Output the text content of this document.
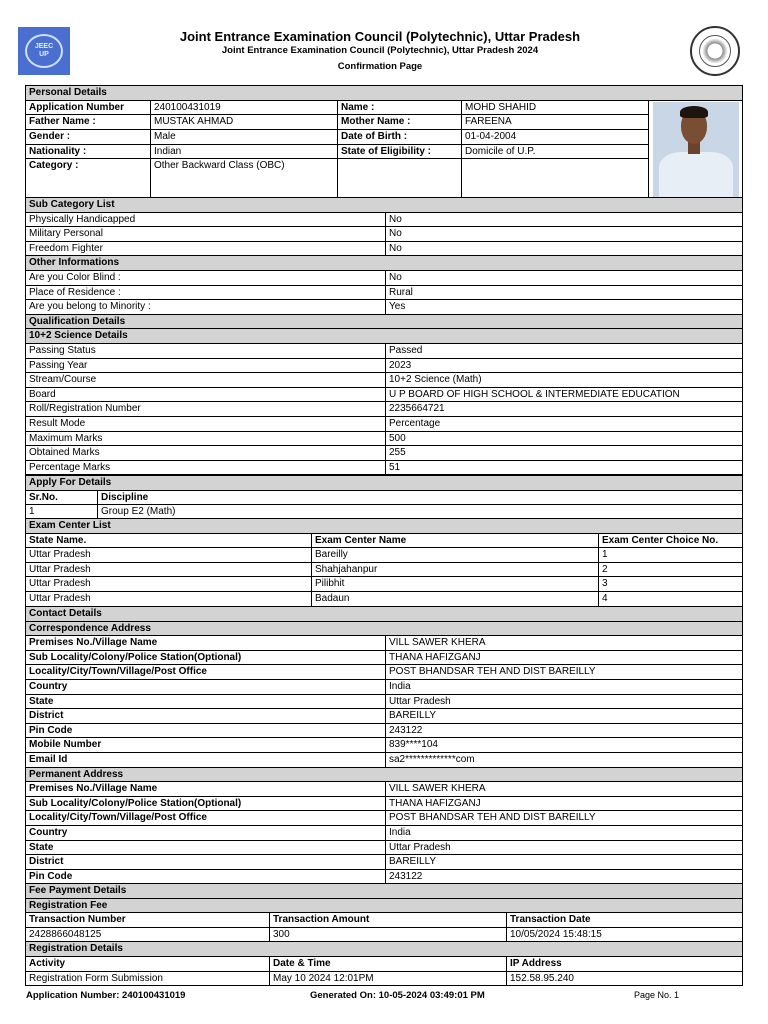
JEEC
UP
Joint Entrance Examination Council (Polytechnic), Uttar Pradesh
Joint Entrance Examination Council (Polytechnic), Uttar Pradesh 2024
Confirmation Page
Personal Details				
Application Number	240100431019	Name :	MOHD SHAHID	

Father Name :	MUSTAK AHMAD	Mother Name :	FAREENA	
Gender :	Male	Date of Birth :	01-04-2004	
Nationality :	Indian	State of Eligibility :	Domicile of U.P.	
Category :	Other Backward Class (OBC)			
Sub Category List	
Physically Handicapped	No
Military Personal	No
Freedom Fighter	No
Other Informations	
Are you Color Blind :	No
Place of Residence :	Rural
Are you belong to Minority :	Yes
Qualification Details	
10+2 Science Details	
Passing Status	Passed
Passing Year	2023
Stream/Course	10+2 Science (Math)
Board	U P BOARD OF HIGH SCHOOL & INTERMEDIATE EDUCATION
Roll/Registration Number	2235664721
Result Mode	Percentage
Maximum Marks	500
Obtained Marks	255
Percentage Marks	51
Apply For Details	
Sr.No.	Discipline
1	Group E2 (Math)
Exam Center List		
State Name.	Exam Center Name	Exam Center Choice No.
Uttar Pradesh	Bareilly	1
Uttar Pradesh	Shahjahanpur	2
Uttar Pradesh	Pilibhit	3
Uttar Pradesh	Badaun	4
Contact Details	
Correspondence Address	
Premises No./Village Name	VILL SAWER KHERA
Sub Locality/Colony/Police Station(Optional)	THANA HAFIZGANJ
Locality/City/Town/Village/Post Office	POST BHANDSAR TEH AND DIST BAREILLY
Country	India
State	Uttar Pradesh
District	BAREILLY
Pin Code	243122
Mobile Number	839****104
Email Id	sa2*************com
Permanent Address	
Premises No./Village Name	VILL SAWER KHERA
Sub Locality/Colony/Police Station(Optional)	THANA HAFIZGANJ
Locality/City/Town/Village/Post Office	POST BHANDSAR TEH AND DIST BAREILLY
Country	India
State	Uttar Pradesh
District	BAREILLY
Pin Code	243122
Fee Payment Details		
Registration Fee		
Transaction Number	Transaction Amount	Transaction Date
2428866048125	300	10/05/2024 15:48:15
Registration Details		
Activity	Date & Time	IP Address
Registration Form Submission	May 10 2024 12:01PM	152.58.95.240
Application Number: 240100431019	Generated On: 10-05-2024 03:49:01 PM	Page No. 1
